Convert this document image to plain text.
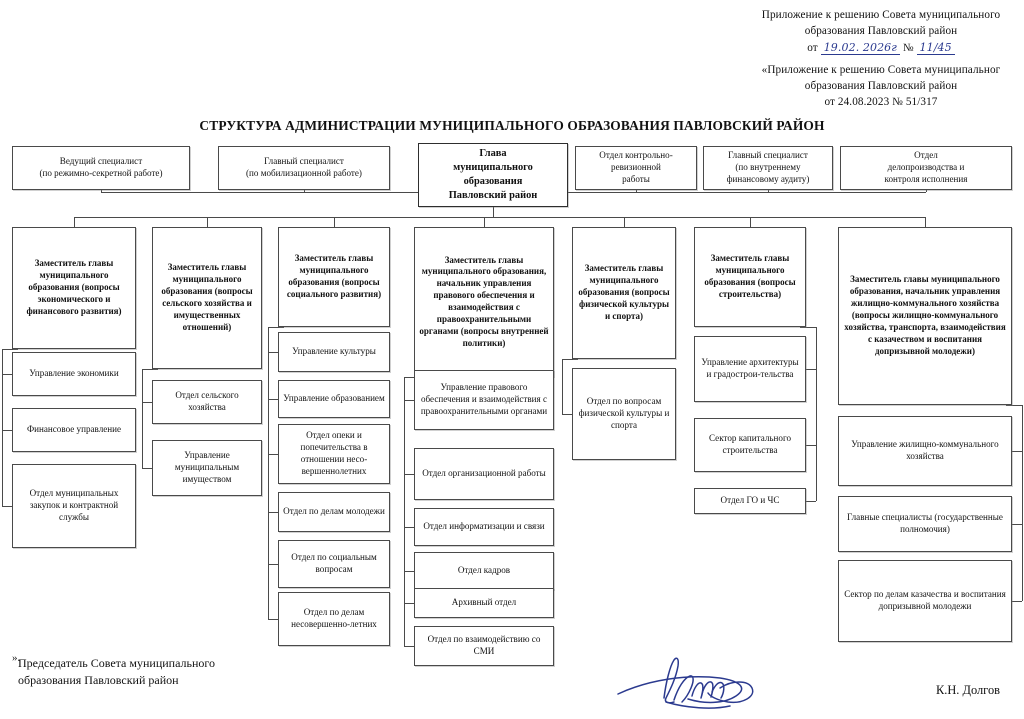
Приложение к решению Совета муниципального
образования Павловский район
от 19.02. 2026г № 11/45
«Приложение к решению Совета муниципальног
образования Павловский район
от 24.08.2023 № 51/317
СТРУКТУРА АДМИНИСТРАЦИИ МУНИЦИПАЛЬНОГО ОБРАЗОВАНИЯ ПАВЛОВСКИЙ РАЙОН
Ведущий специалист
(по режимно-секретной работе)
Главный специалист
(по мобилизационной работе)
Отдел контрольно-
ревизионной
работы
Главный специалист
(по внутреннему
финансовому аудиту)
Отдел
делопроизводства и
контроля исполнения
Глава
муниципального
образования
Павловский район
Заместитель главы муниципального образования (вопросы экономического и финансового развития)
Заместитель главы муниципального образования (вопросы сельского хозяйства и имущественных отношений)
Заместитель главы муниципального образования (вопросы социального развития)
Заместитель главы муниципального образования, начальник управления правового обеспечения и взаимодействия с правоохранительными органами (вопросы внутренней политики)
Заместитель главы муниципального образования (вопросы физической культуры и спорта)
Заместитель главы муниципального образования (вопросы строительства)
Заместитель главы муниципального образования, начальник управления жилищно-коммунального хозяйства (вопросы жилищно-коммунального хозяйства, транспорта, взаимодействия с казачеством и воспитания допризывной молодежи)
Управление экономики
Финансовое управление
Отдел муниципальных закупок и контрактной службы
Отдел сельского хозяйства
Управление муниципальным имуществом
Управление культуры
Управление образованием
Отдел опеки и попечительства в отношении несо-вершеннолетних
Отдел по делам молодежи
Отдел по социальным вопросам
Отдел по делам несовершенно-летних
Управление правового обеспечения и взаимодействия с правоохранительными органами
Отдел организационной работы
Отдел информатизации и связи
Отдел кадров
Архивный отдел
Отдел по взаимодействию со СМИ
Отдел по вопросам физической культуры и спорта
Управление архитектуры и градострои-тельства
Сектор капитального строительства
Отдел ГО и ЧС
Управление жилищно-коммунального хозяйства
Главные специалисты (государственные полномочия)
Сектор по делам казачества и воспитания допризывной молодежи
».
Председатель Совета муниципального
образования Павловский район
К.Н. Долгов
